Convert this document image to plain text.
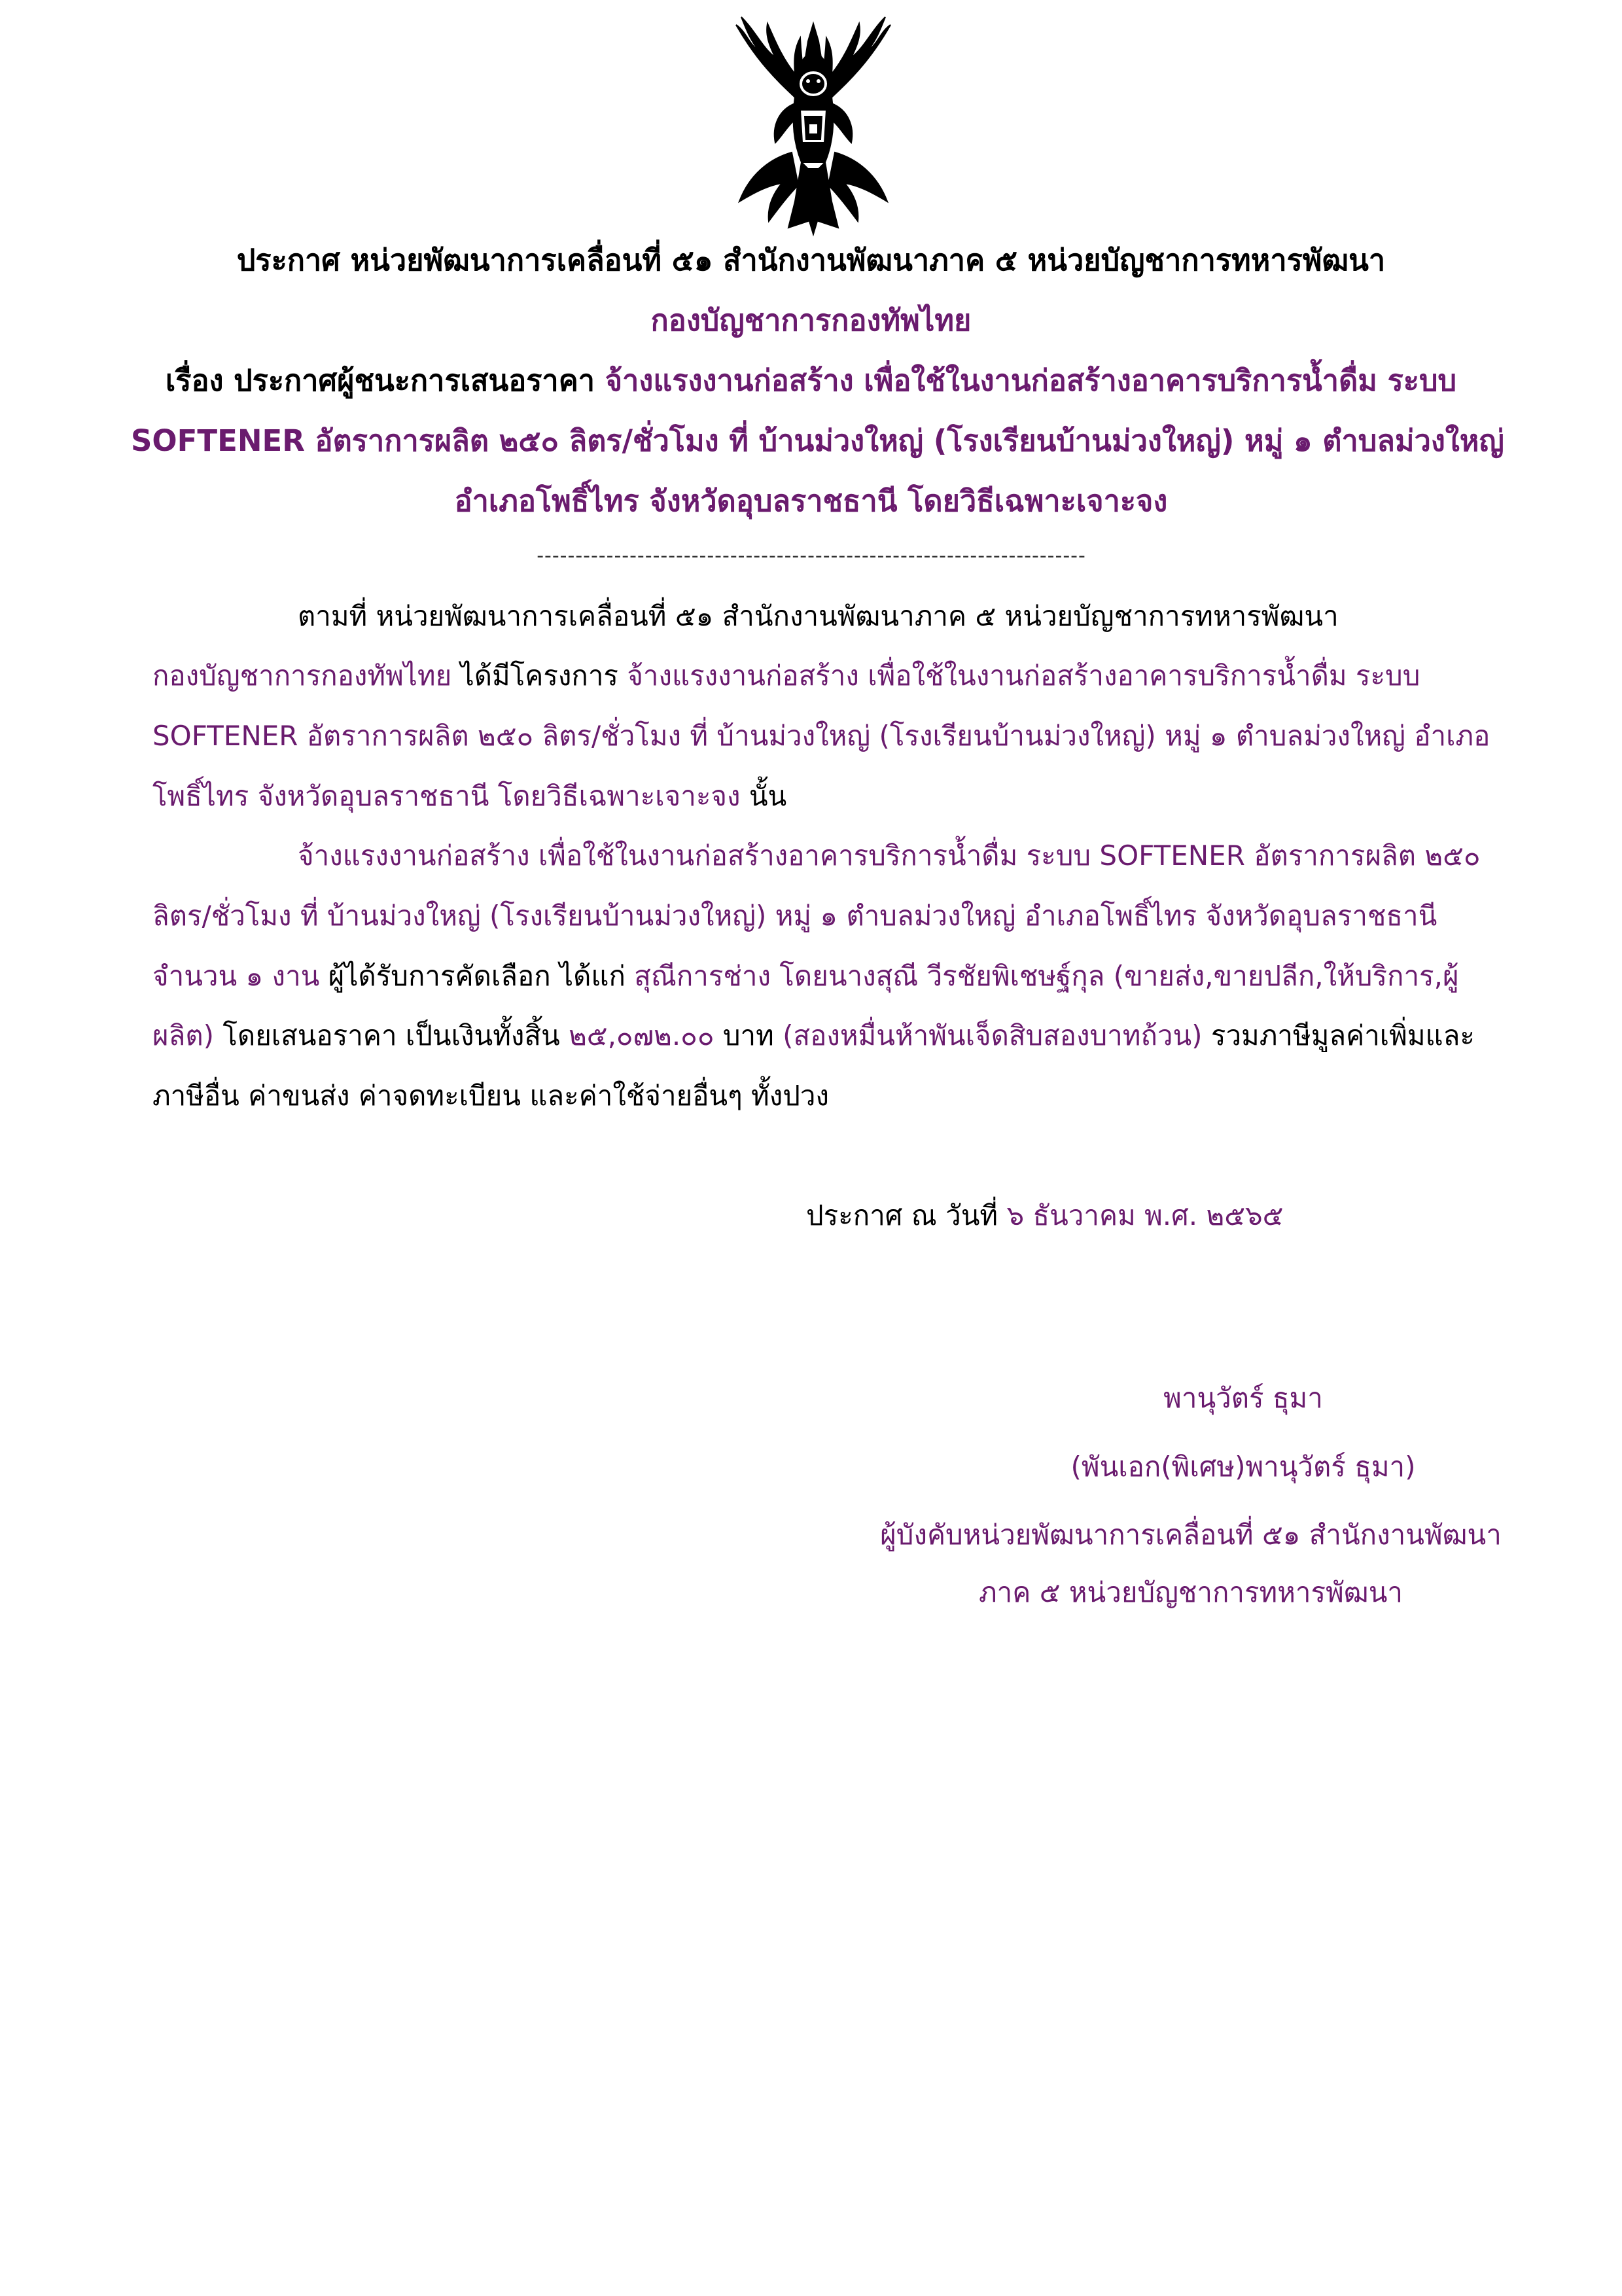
ประกาศ หน่วยพัฒนาการเคลื่อนที่ ๕๑ สำนักงานพัฒนาภาค ๕ หน่วยบัญชาการทหารพัฒนา
กองบัญชาการกองทัพไทย
เรื่อง ประกาศผู้ชนะการเสนอราคา จ้างแรงงานก่อสร้าง เพื่อใช้ในงานก่อสร้างอาคารบริการน้ำดื่ม ระบบ
SOFTENER อัตราการผลิต ๒๕๐ ลิตร/ชั่วโมง ที่ บ้านม่วงใหญ่ (โรงเรียนบ้านม่วงใหญ่) หมู่ ๑ ตำบลม่วงใหญ่
อำเภอโพธิ์ไทร จังหวัดอุบลราชธานี โดยวิธีเฉพาะเจาะจง
-----------------------------------------------------------------------
ตามที่ หน่วยพัฒนาการเคลื่อนที่ ๕๑ สำนักงานพัฒนาภาค ๕ หน่วยบัญชาการทหารพัฒนา
กองบัญชาการกองทัพไทย ได้มีโครงการ จ้างแรงงานก่อสร้าง เพื่อใช้ในงานก่อสร้างอาคารบริการน้ำดื่ม ระบบ
SOFTENER อัตราการผลิต ๒๕๐ ลิตร/ชั่วโมง ที่ บ้านม่วงใหญ่ (โรงเรียนบ้านม่วงใหญ่) หมู่ ๑ ตำบลม่วงใหญ่ อำเภอ
โพธิ์ไทร จังหวัดอุบลราชธานี โดยวิธีเฉพาะเจาะจง นั้น
จ้างแรงงานก่อสร้าง เพื่อใช้ในงานก่อสร้างอาคารบริการน้ำดื่ม ระบบ SOFTENER อัตราการผลิต ๒๕๐
ลิตร/ชั่วโมง ที่ บ้านม่วงใหญ่ (โรงเรียนบ้านม่วงใหญ่) หมู่ ๑ ตำบลม่วงใหญ่ อำเภอโพธิ์ไทร จังหวัดอุบลราชธานี
จำนวน ๑ งาน ผู้ได้รับการคัดเลือก ได้แก่ สุณีการช่าง โดยนางสุณี วีรชัยพิเชษฐ์กุล (ขายส่ง,ขายปลีก,ให้บริการ,ผู้
ผลิต) โดยเสนอราคา เป็นเงินทั้งสิ้น ๒๕,๐๗๒.๐๐ บาท (สองหมื่นห้าพันเจ็ดสิบสองบาทถ้วน) รวมภาษีมูลค่าเพิ่มและ
ภาษีอื่น ค่าขนส่ง ค่าจดทะเบียน และค่าใช้จ่ายอื่นๆ ทั้งปวง
ประกาศ ณ วันที่ ๖ ธันวาคม พ.ศ. ๒๕๖๕
พานุวัตร์ ธุมา
(พันเอก(พิเศษ)พานุวัตร์ ธุมา)
ผู้บังคับหน่วยพัฒนาการเคลื่อนที่ ๕๑ สำนักงานพัฒนา
ภาค ๕ หน่วยบัญชาการทหารพัฒนา
